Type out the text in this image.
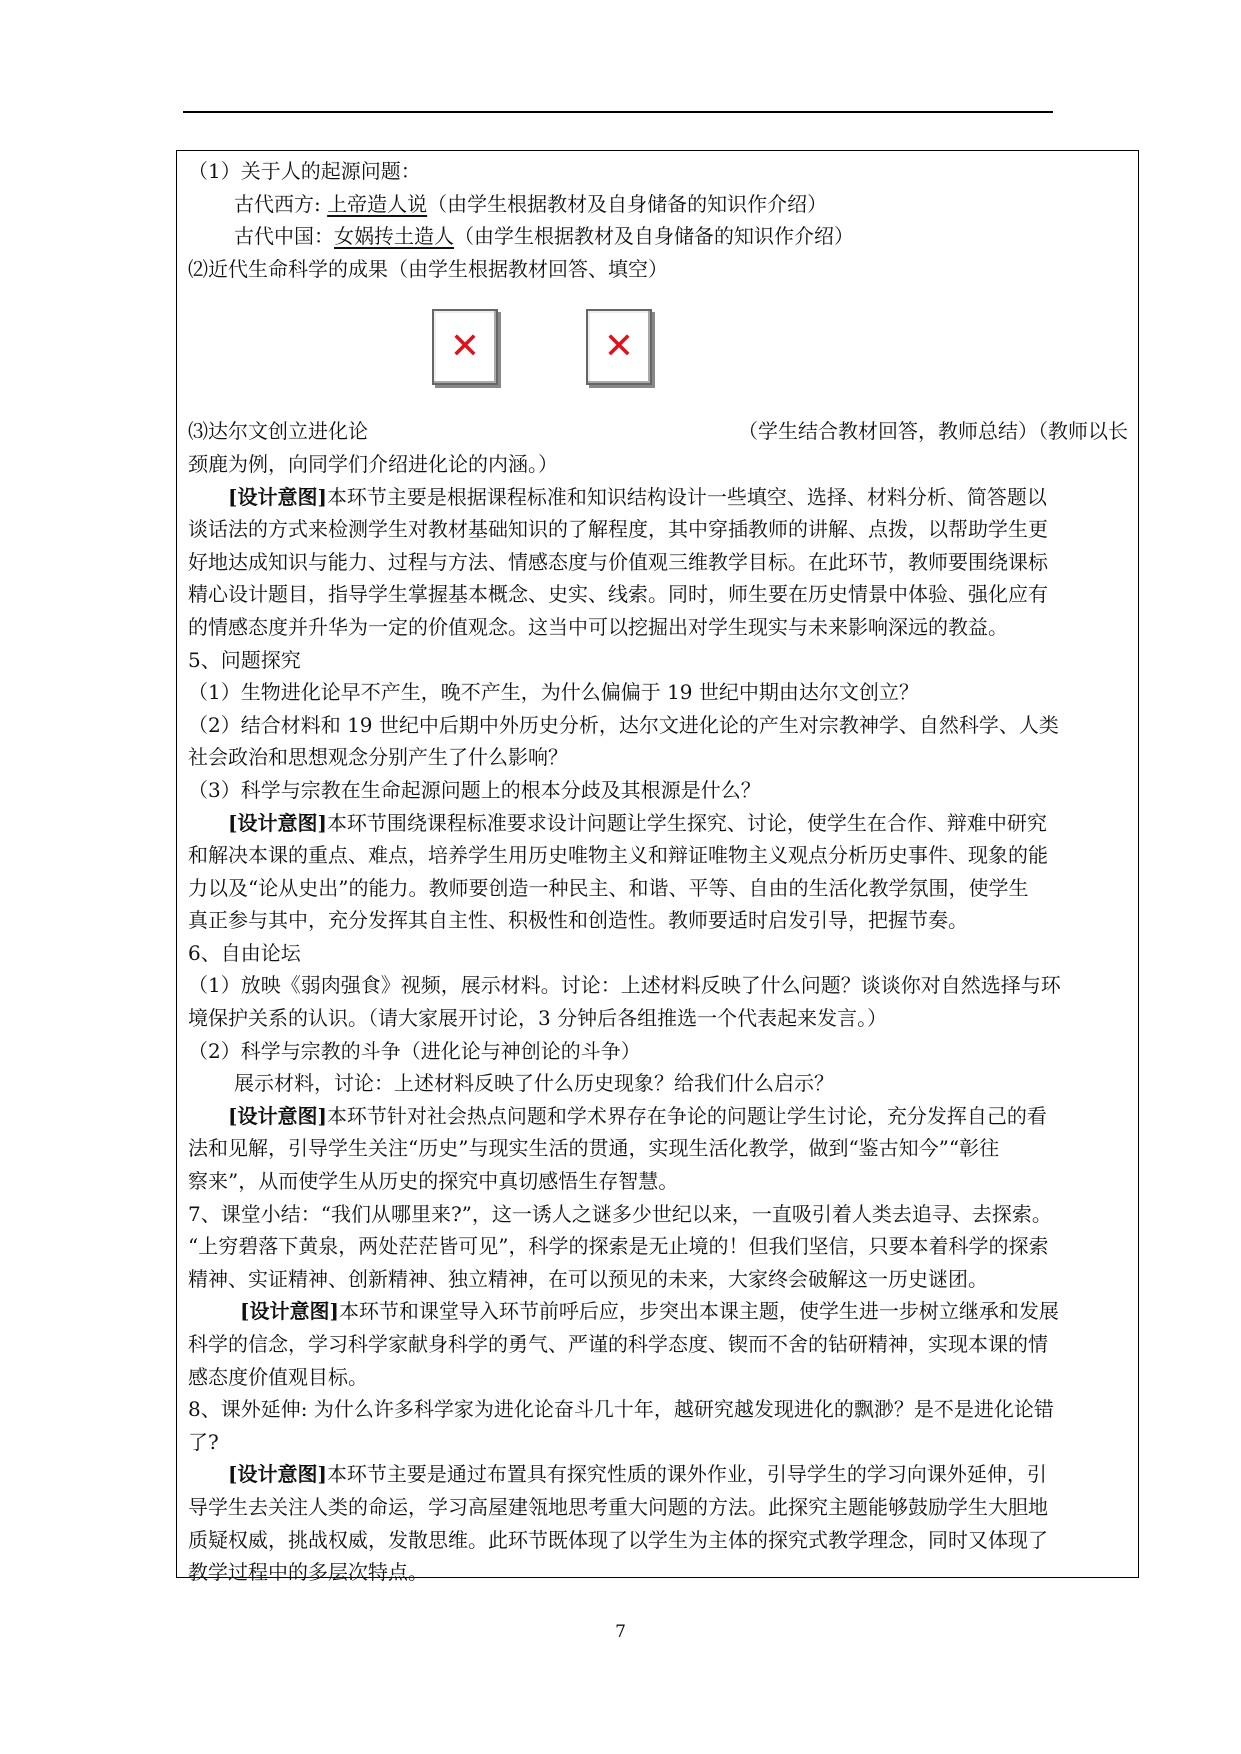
（1）关于人的起源问题：
古代西方: 上帝造人说（由学生根据教材及自身储备的知识作介绍）
古代中国：女娲抟土造人（由学生根据教材及自身储备的知识作介绍）
⑵近代生命科学的成果（由学生根据教材回答、填空）
✕	✕
⑶达尔文创立进化论	（学生结合教材回答，教师总结）（教师以长
颈鹿为例，向同学们介绍进化论的内涵。）
[设计意图]本环节主要是根据课程标准和知识结构设计一些填空、选择、材料分析、简答题以
谈话法的方式来检测学生对教材基础知识的了解程度，其中穿插教师的讲解、点拨，以帮助学生更
好地达成知识与能力、过程与方法、情感态度与价值观三维教学目标。在此环节，教师要围绕课标
精心设计题目，指导学生掌握基本概念、史实、线索。同时，师生要在历史情景中体验、强化应有
的情感态度并升华为一定的价值观念。这当中可以挖掘出对学生现实与未来影响深远的教益。
5、问题探究
（1）生物进化论早不产生，晚不产生，为什么偏偏于 19 世纪中期由达尔文创立？
（2）结合材料和 19 世纪中后期中外历史分析，达尔文进化论的产生对宗教神学、自然科学、人类
社会政治和思想观念分别产生了什么影响？
（3）科学与宗教在生命起源问题上的根本分歧及其根源是什么？
[设计意图]本环节围绕课程标准要求设计问题让学生探究、讨论，使学生在合作、辩难中研究
和解决本课的重点、难点，培养学生用历史唯物主义和辩证唯物主义观点分析历史事件、现象的能
力以及“论从史出”的能力。教师要创造一种民主、和谐、平等、自由的生活化教学氛围，使学生
真正参与其中，充分发挥其自主性、积极性和创造性。教师要适时启发引导，把握节奏。
6、自由论坛
（1）放映《弱肉强食》视频，展示材料。讨论：上述材料反映了什么问题？谈谈你对自然选择与环
境保护关系的认识。（请大家展开讨论，3 分钟后各组推选一个代表起来发言。）
（2）科学与宗教的斗争（进化论与神创论的斗争）
展示材料，讨论：上述材料反映了什么历史现象？给我们什么启示？
[设计意图]本环节针对社会热点问题和学术界存在争论的问题让学生讨论，充分发挥自己的看
法和见解，引导学生关注“历史”与现实生活的贯通，实现生活化教学，做到“鉴古知今”“彰往
察来”，从而使学生从历史的探究中真切感悟生存智慧。
7、课堂小结：“我们从哪里来?”，这一诱人之谜多少世纪以来，一直吸引着人类去追寻、去探索。
“上穷碧落下黄泉，两处茫茫皆可见”，科学的探索是无止境的！但我们坚信，只要本着科学的探索
精神、实证精神、创新精神、独立精神，在可以预见的未来，大家终会破解这一历史谜团。
[设计意图]本环节和课堂导入环节前呼后应，步突出本课主题，使学生进一步树立继承和发展
科学的信念，学习科学家献身科学的勇气、严谨的科学态度、锲而不舍的钻研精神，实现本课的情
感态度价值观目标。
8、课外延伸: 为什么许多科学家为进化论奋斗几十年，越研究越发现进化的飘渺？是不是进化论错
了?
[设计意图]本环节主要是通过布置具有探究性质的课外作业，引导学生的学习向课外延伸，引
导学生去关注人类的命运，学习高屋建瓴地思考重大问题的方法。此探究主题能够鼓励学生大胆地
质疑权威，挑战权威，发散思维。此环节既体现了以学生为主体的探究式教学理念，同时又体现了
教学过程中的多层次特点。
7
